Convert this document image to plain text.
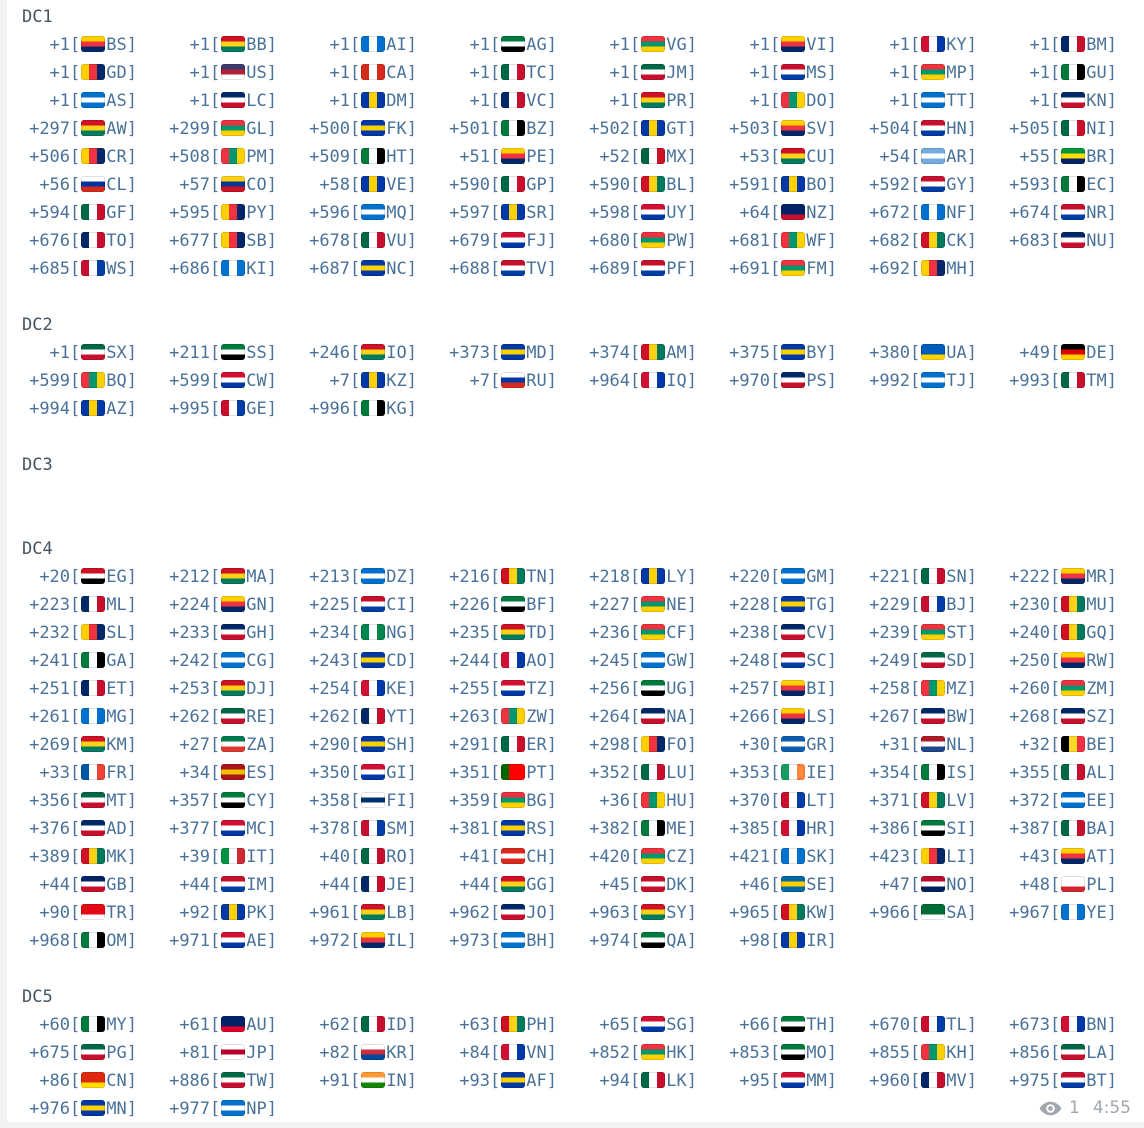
DC1
+1[ BS]	+1[ BB]	+1[ AI]	+1[ AG]	+1[ VG]	+1[ VI]	+1[ KY]	+1[ BM]
+1[ GD]	+1[ US]	+1[ CA]	+1[ TC]	+1[ JM]	+1[ MS]	+1[ MP]	+1[ GU]
+1[ AS]	+1[ LC]	+1[ DM]	+1[ VC]	+1[ PR]	+1[ DO]	+1[ TT]	+1[ KN]
+297[ AW]	+299[ GL]	+500[ FK]	+501[ BZ]	+502[ GT]	+503[ SV]	+504[ HN]	+505[ NI]
+506[ CR]	+508[ PM]	+509[ HT]	+51[ PE]	+52[ MX]	+53[ CU]	+54[ AR]	+55[ BR]
+56[ CL]	+57[ CO]	+58[ VE]	+590[ GP]	+590[ BL]	+591[ BO]	+592[ GY]	+593[ EC]
+594[ GF]	+595[ PY]	+596[ MQ]	+597[ SR]	+598[ UY]	+64[ NZ]	+672[ NF]	+674[ NR]
+676[ TO]	+677[ SB]	+678[ VU]	+679[ FJ]	+680[ PW]	+681[ WF]	+682[ CK]	+683[ NU]
+685[ WS]	+686[ KI]	+687[ NC]	+688[ TV]	+689[ PF]	+691[ FM]	+692[ MH]
DC2
+1[ SX]	+211[ SS]	+246[ IO]	+373[ MD]	+374[ AM]	+375[ BY]	+380[ UA]	+49[ DE]
+599[ BQ]	+599[ CW]	+7[ KZ]	+7[ RU]	+964[ IQ]	+970[ PS]	+992[ TJ]	+993[ TM]
+994[ AZ]	+995[ GE]	+996[ KG]
DC3
DC4
+20[ EG]	+212[ MA]	+213[ DZ]	+216[ TN]	+218[ LY]	+220[ GM]	+221[ SN]	+222[ MR]
+223[ ML]	+224[ GN]	+225[ CI]	+226[ BF]	+227[ NE]	+228[ TG]	+229[ BJ]	+230[ MU]
+232[ SL]	+233[ GH]	+234[ NG]	+235[ TD]	+236[ CF]	+238[ CV]	+239[ ST]	+240[ GQ]
+241[ GA]	+242[ CG]	+243[ CD]	+244[ AO]	+245[ GW]	+248[ SC]	+249[ SD]	+250[ RW]
+251[ ET]	+253[ DJ]	+254[ KE]	+255[ TZ]	+256[ UG]	+257[ BI]	+258[ MZ]	+260[ ZM]
+261[ MG]	+262[ RE]	+262[ YT]	+263[ ZW]	+264[ NA]	+266[ LS]	+267[ BW]	+268[ SZ]
+269[ KM]	+27[ ZA]	+290[ SH]	+291[ ER]	+298[ FO]	+30[ GR]	+31[ NL]	+32[ BE]
+33[ FR]	+34[ ES]	+350[ GI]	+351[ PT]	+352[ LU]	+353[ IE]	+354[ IS]	+355[ AL]
+356[ MT]	+357[ CY]	+358[ FI]	+359[ BG]	+36[ HU]	+370[ LT]	+371[ LV]	+372[ EE]
+376[ AD]	+377[ MC]	+378[ SM]	+381[ RS]	+382[ ME]	+385[ HR]	+386[ SI]	+387[ BA]
+389[ MK]	+39[ IT]	+40[ RO]	+41[ CH]	+420[ CZ]	+421[ SK]	+423[ LI]	+43[ AT]
+44[ GB]	+44[ IM]	+44[ JE]	+44[ GG]	+45[ DK]	+46[ SE]	+47[ NO]	+48[ PL]
+90[ TR]	+92[ PK]	+961[ LB]	+962[ JO]	+963[ SY]	+965[ KW]	+966[ SA]	+967[ YE]
+968[ OM]	+971[ AE]	+972[ IL]	+973[ BH]	+974[ QA]	+98[ IR]
DC5
+60[ MY]	+61[ AU]	+62[ ID]	+63[ PH]	+65[ SG]	+66[ TH]	+670[ TL]	+673[ BN]
+675[ PG]	+81[ JP]	+82[ KR]	+84[ VN]	+852[ HK]	+853[ MO]	+855[ KH]	+856[ LA]
+86[ CN]	+886[ TW]	+91[ IN]	+93[ AF]	+94[ LK]	+95[ MM]	+960[ MV]	+975[ BT]
+976[ MN]	+977[ NP]	1 4:55
